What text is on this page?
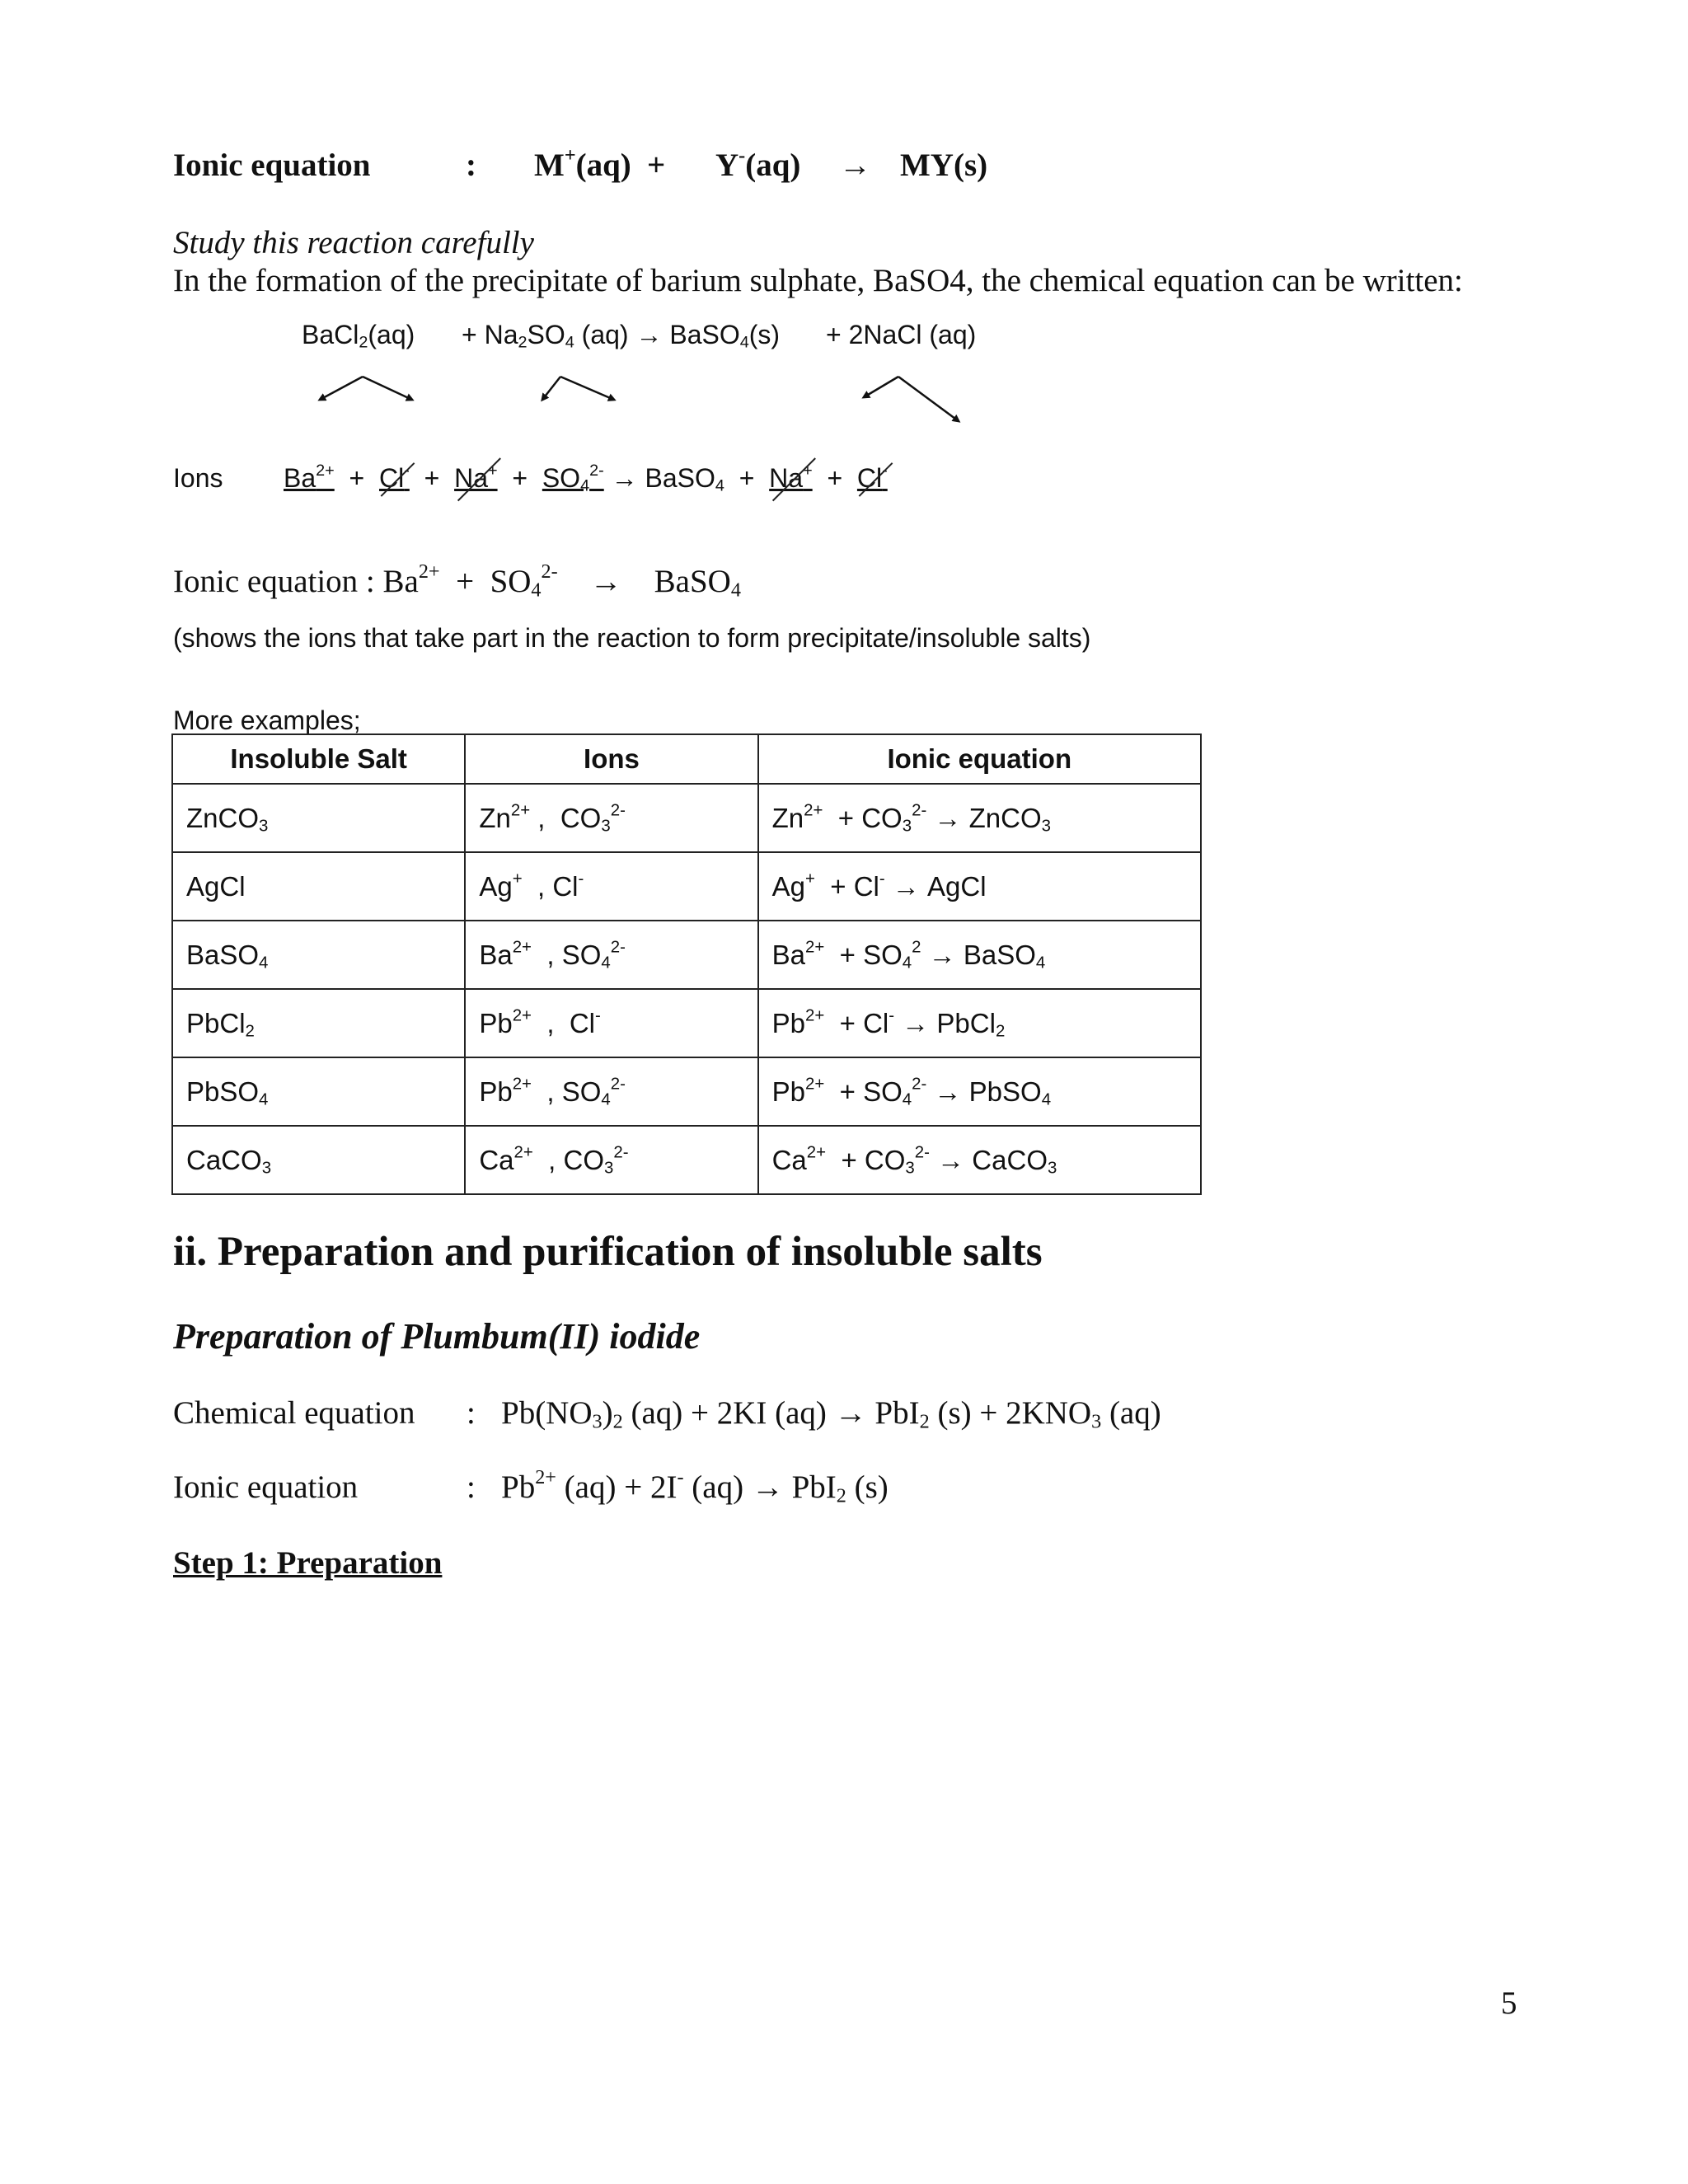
Ionic equation	: M+(aq) + Y-(aq) → MY(s)
Study this reaction carefully
In the formation of the precipitate of barium sulphate, BaSO4, the chemical equation can be written:
BaCl$_2$(aq) + $Na_2SO_4$ (aq) → BaSO$_4$(s) + 2NaCl (aq)
Ions $Ba^{2+} + Cl^- + Na^+ + SO_4^{2-}$ → BaSO$_4$ + Na+ + Cl-
Ionic equation : $Ba^{2+} + SO_4^{2-}$ → BaSO$_4$
(shows the ions that take part in the reaction to form precipitate/insoluble salts)
More examples;
Insoluble Salt	Ions	Ionic equation
ZnCO$_3$	$Zn^{2+}$ ,  $CO_3^{2-}$	$Zn^{2+} + CO_3^{2-}$ → ZnCO$_3$
AgCl	Ag+  , Cl-	Ag+ + Cl- → AgCl
BaSO$_4$	$Ba^{2+}$  , $SO_4^{2-}$	$Ba^{2+} + SO_4^2$ → BaSO$_4$
PbCl$_2$	$Pb^{2+}$  ,  Cl-	$Pb^{2+} + Cl^-$ → PbCl$_2$
PbSO$_4$	$Pb^{2+}$  , $SO_4^{2-}$	$Pb^{2+} + SO_4^{2-}$ → PbSO$_4$
CaCO$_3$	$Ca^{2+}$  , $CO_3^{2-}$	$Ca^{2+} + CO_3^{2-}$ → CaCO$_3$
ii. Preparation and purification of insoluble salts
Preparation of Plumbum(II) iodide
Chemical equation : $Pb(NO_3)_2$ (aq) + 2KI (aq) → PbI$_2$ $(s) + 2KNO_3$ (aq)
Ionic equation	: $Pb^{2+}$ (aq) + 2I- (aq) → PbI$_2$ (s)
Step 1: Preparation
5
